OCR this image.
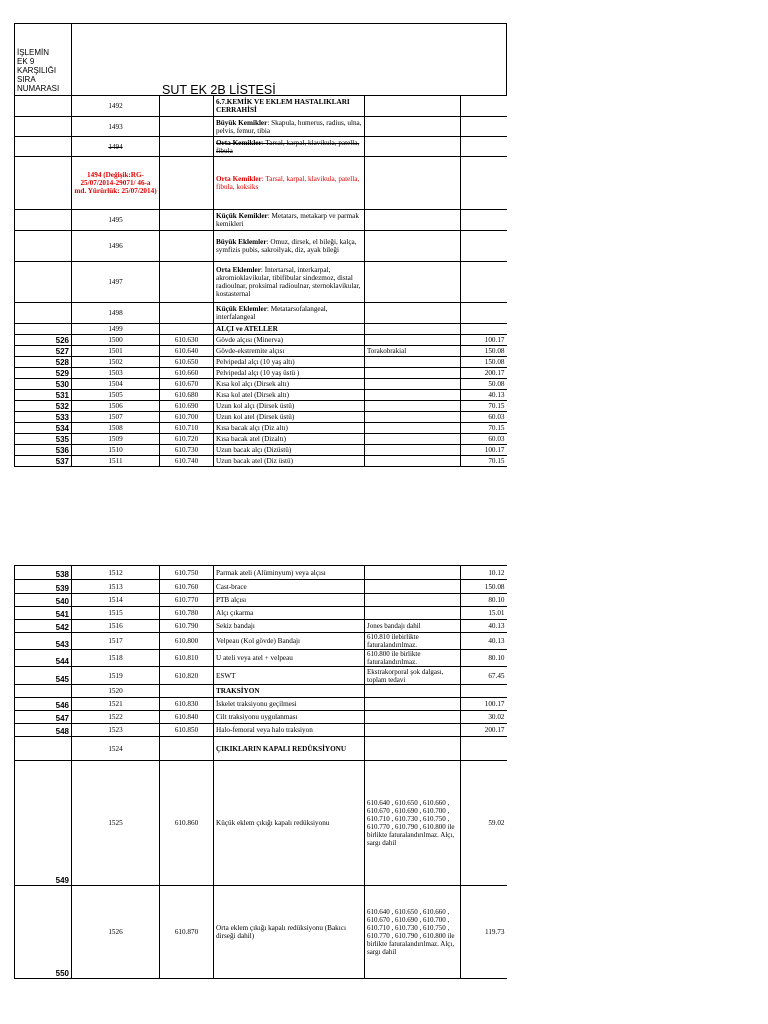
İŞLEMİN
EK 9
KARŞILIĞI
SIRA
NUMARASI	SUT EK 2B LİSTESİ				
	1492		6.7.KEMİK VE EKLEM HASTALIKLARI CERRAHİSİ		
	1493		Büyük Kemikler: Skapula, humerus, radius, ulna, pelvis, femur, tibia		
	1494		Orta Kemikler: Tarsal, karpal, klavikula, patella, fibula		
	1494 (Değişik:RG-25/07/2014-29071/ 46-a md. Yürürlük: 25/07/2014)		Orta Kemikler: Tarsal, karpal, klavikula, patella, fibula, koksiks		
	1495		Küçük Kemikler: Metatars, metakarp ve parmak kemikleri		
	1496		Büyük Eklemler: Omuz, dirsek, el bileği, kalça, symfizis pubis, sakroilyak, diz, ayak bileği		
	1497		Orta Eklemler: İntertarsal, interkarpal, akromioklavikular, tibifibular sindezmoz, distal radioulnar, proksimal radioulnar, sternoklavikular, kostasternal		
	1498		Küçük Eklemler: Metatarsofalangeal, interfalangeal		
	1499		ALÇI ve ATELLER		
526	1500	610.630	Gövde alçısı (Minerva)		100.17
527	1501	610.640	Gövde-ekstremite alçısı	Torakobrakial	150.08
528	1502	610.650	Pelvipedal alçı (10 yaş altı)		150.08
529	1503	610.660	Pelvipedal alçı (10 yaş üstü )		200.17
530	1504	610.670	Kısa kol alçı (Dirsek altı)		50.08
531	1505	610.680	Kısa kol atel (Dirsek altı)		40.13
532	1506	610.690	Uzun kol alçı (Dirsek üstü)		70.15
533	1507	610.700	Uzun kol atel (Dirsek üstü)		60.03
534	1508	610.710	Kısa bacak alçı (Diz altı)		70.15
535	1509	610.720	Kısa bacak atel (Dizaltı)		60.03
536	1510	610.730	Uzun bacak alçı (Dizüstü)		100.17
537	1511	610.740	Uzun bacak atel (Diz üstü)		70.15
538	1512	610.750	Parmak ateli (Alüminyum) veya alçısı		10.12
539	1513	610.760	Cast-brace		150.08
540	1514	610.770	PTB alçısı		80.10
541	1515	610.780	Alçı çıkarma		15.01
542	1516	610.790	Sekiz bandajı	Jones bandajı dahil	40.13
543	1517	610.800	Velpeau (Kol gövde) Bandajı	610.810 ilebirlikte faturalandırılmaz.	40.13
544	1518	610.810	U ateli veya atel + velpeau	610.800 ile birlikte faturalandırılmaz.	80.10
545	1519	610.820	ESWT	Ekstrakorporal şok dalgası, toplam tedavi	67.45
	1520		TRAKSİYON		
546	1521	610.830	İskelet traksiyonu geçilmesi		100.17
547	1522	610.840	Cilt traksiyonu uygulanması		30.02
548	1523	610.850	Halo-femoral veya halo traksiyon		200.17
	1524		ÇIKIKLARIN KAPALI REDÜKSİYONU		
549	1525	610.860	Küçük eklem çıkığı kapalı redüksiyonu	610.640 , 610.650 , 610.660 , 610.670 , 610.690 , 610.700 , 610.710 , 610.730 , 610.750 , 610.770 , 610.790 , 610.800 ile birlikte faturalandırılmaz. Alçı, sargı dahil	59.02
550	1526	610.870	Orta eklem çıkığı kapalı redüksiyonu (Bakıcı dirseği dahil)	610.640 , 610.650 , 610.660 , 610.670 , 610.690 , 610.700 , 610.710 , 610.730 , 610.750 , 610.770 , 610.790 , 610.800 ile birlikte faturalandırılmaz. Alçı, sargı dahil	119.73
